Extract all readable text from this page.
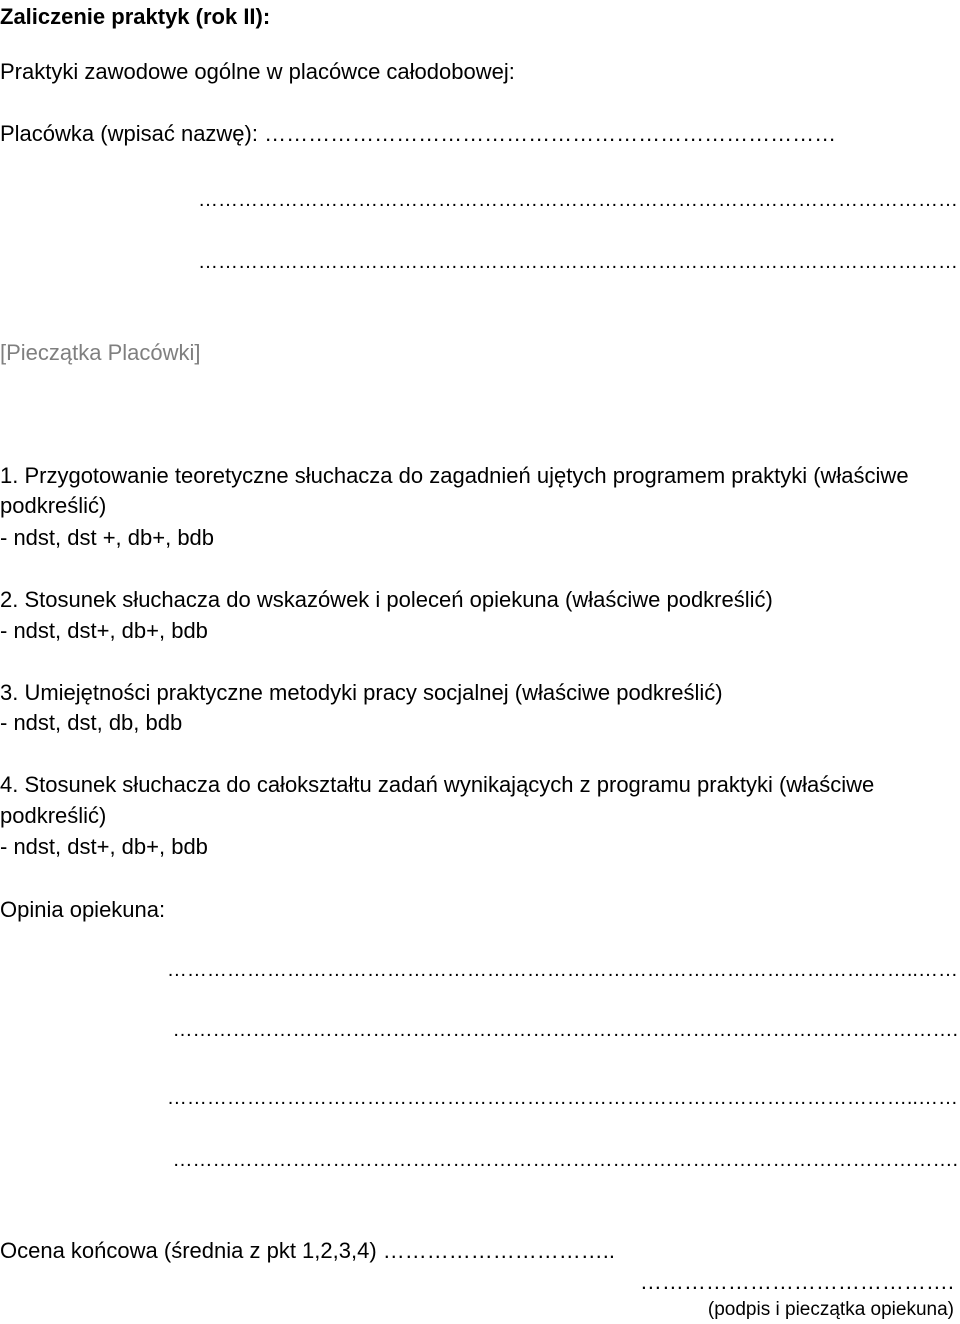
Zaliczenie praktyk (rok II):
Praktyki zawodowe ogólne w placówce całodobowej:
Placówka (wpisać nazwę): ……………………………………………………………………
……………………………………………………………………………………………………
……………………………………………………………………………………………………
[Pieczątka Placówki]
1. Przygotowanie teoretyczne słuchacza do zagadnień ujętych programem praktyki (właściwe
podkreślić)
- ndst, dst +, db+, bdb
2. Stosunek słuchacza do wskazówek i poleceń opiekuna (właściwe podkreślić)
- ndst, dst+, db+, bdb
3. Umiejętności praktyczne metodyki pracy socjalnej (właściwe podkreślić)
- ndst, dst, db, bdb
4. Stosunek słuchacza do całokształtu zadań wynikających z programu praktyki (właściwe
podkreślić)
- ndst, dst+, db+, bdb
Opinia opiekuna:
…………………………………………………………………………………………………..……
……………………………………………………………………………………………………….
…………………………………………………………………………………………………..……
……………………………………………………………………………………………………….
Ocena końcowa (średnia z pkt 1,2,3,4) …………………………..
…………………………………….
(podpis i pieczątka opiekuna)
